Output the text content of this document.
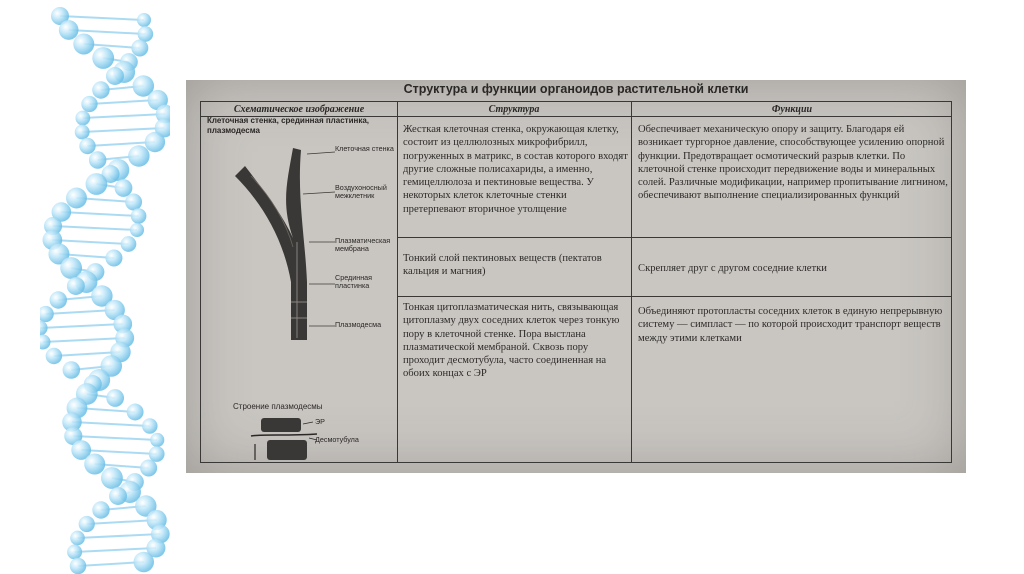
Структура и функции органоидов растительной клетки
Схематическое изображение	Структура	Функции
Клеточная стенка, срединная пластинка, плазмодесма
Клеточная стенка
Воздухоносный межклетник
Плазматическая мембрана
Срединная пластинка
Плазмодесма
Строение плазмодесмы
ЭР
Десмотубула

Жесткая клеточная стенка, окружающая клетку, состоит из целлюлозных микрофибрилл, погруженных в матрикс, в состав которого входят другие сложные полисахариды, а именно, гемицеллюлоза и пектиновые вещества. У некоторых клеток клеточные стенки претерпевают вторичное утолщение

Тонкий слой пектиновых веществ (пектатов кальция и магния)

Тонкая цитоплазматическая нить, связывающая цитоплазму двух соседних клеток через тонкую пору в клеточной стенке. Пора выстлана плазматической мембраной. Сквозь пору проходит десмотубула, часто соединенная на обоих концах с ЭР

Обеспечивает механическую опору и защиту. Благодаря ей возникает тургорное давление, способствующее усилению опорной функции. Предотвращает осмотический разрыв клетки. По клеточной стенке происходит передвижение воды и минеральных солей. Различные модификации, например пропитывание лигнином, обеспечивают выполнение специализированных функций

Скрепляет друг с другом соседние клетки

Объединяют протопласты соседних клеток в единую непрерывную систему — симпласт — по которой происходит транспорт веществ между этими клетками
